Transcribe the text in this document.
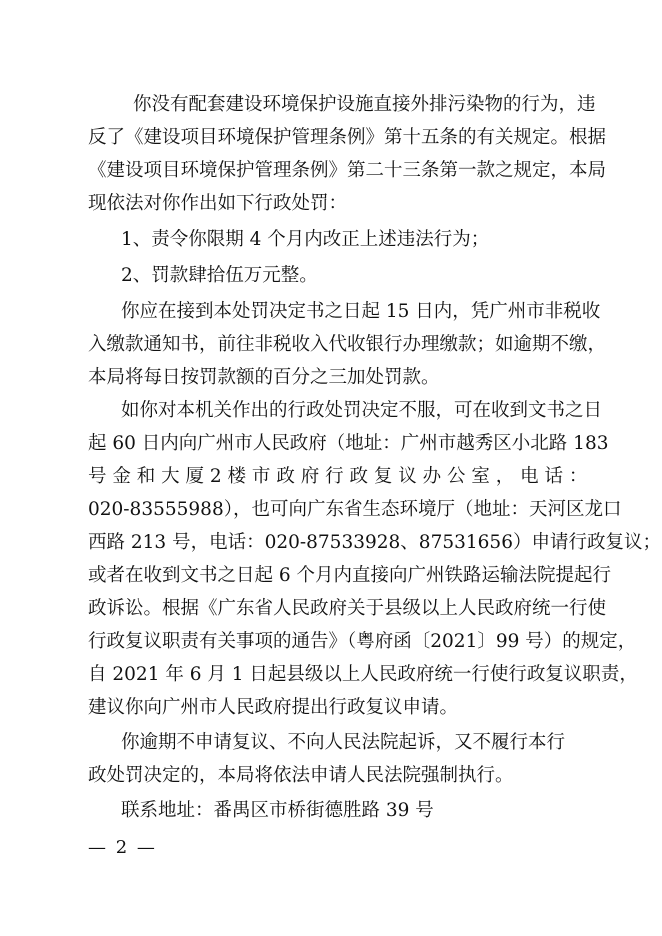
你没有配套建设环境保护设施直接外排污染物的行为，违
反了《建设项目环境保护管理条例》第十五条的有关规定。根据
《建设项目环境保护管理条例》第二十三条第一款之规定，本局
现依法对你作出如下行政处罚：
1、责令你限期 4 个月内改正上述违法行为；
2、罚款肆拾伍万元整。
你应在接到本处罚决定书之日起 15 日内，凭广州市非税收
入缴款通知书，前往非税收入代收银行办理缴款；如逾期不缴，
本局将每日按罚款额的百分之三加处罚款。
如你对本机关作出的行政处罚决定不服，可在收到文书之日
起 60 日内向广州市人民政府（地址：广州市越秀区小北路 183
号 金 和 大 厦 2 楼 市 政 府 行 政 复 议 办 公 室 ， 电 话 ：
020-83555988），也可向广东省生态环境厅（地址：天河区龙口
西路 213 号，电话：020-87533928、87531656）申请行政复议；
或者在收到文书之日起 6 个月内直接向广州铁路运输法院提起行
政诉讼。根据《广东省人民政府关于县级以上人民政府统一行使
行政复议职责有关事项的通告》（粤府函〔2021〕99 号）的规定，
自 2021 年 6 月 1 日起县级以上人民政府统一行使行政复议职责，
建议你向广州市人民政府提出行政复议申请。
你逾期不申请复议、不向人民法院起诉，又不履行本行
政处罚决定的，本局将依法申请人民法院强制执行。
联系地址：番禺区市桥街德胜路 39 号
— 2 —
